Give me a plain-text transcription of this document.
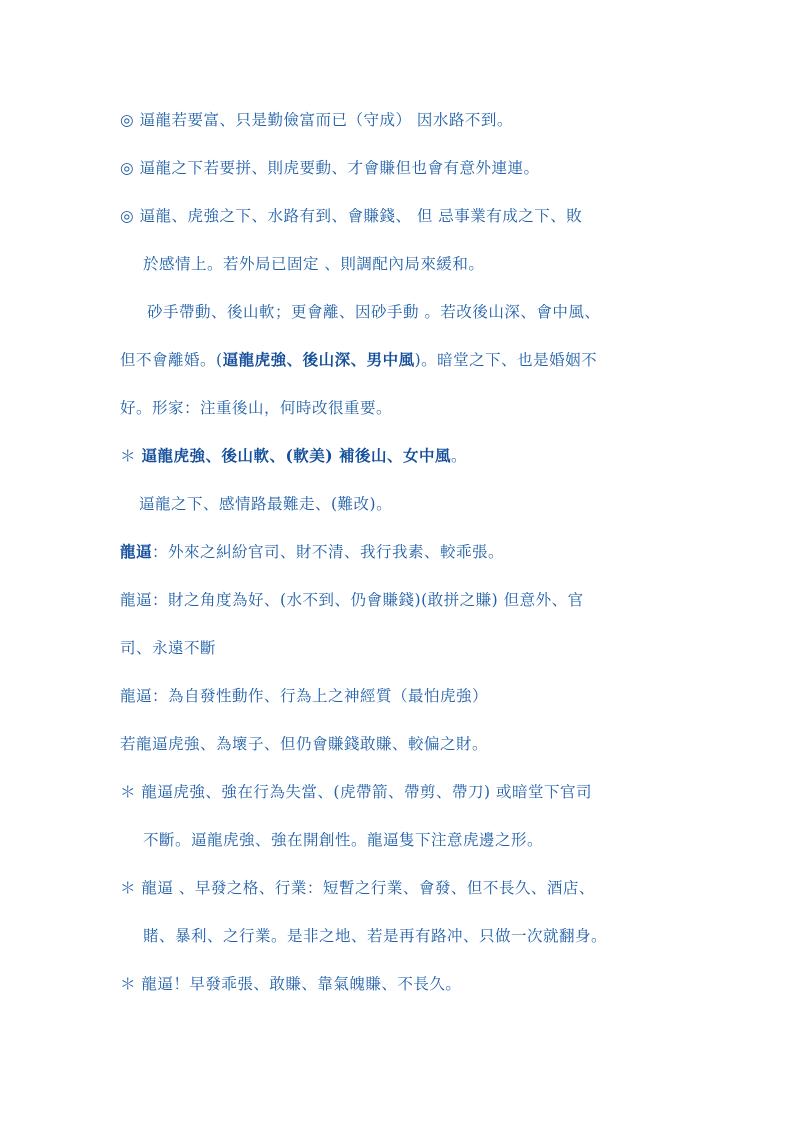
◎ 逼龍若要富、只是勤儉富而已（守成） 因水路不到。
◎ 逼龍之下若要拼、則虎要動、才會賺但也會有意外連連。
◎ 逼龍、虎強之下、水路有到、會賺錢、 但 忌事業有成之下、敗
於感情上。若外局已固定 、則調配內局來緩和。
砂手帶動、後山軟；更會離、因砂手動 。若改後山深、會中風、
但不會離婚。(逼龍虎強、後山深、男中風)。暗堂之下、也是婚姻不
好。形家：注重後山，何時改很重要。
＊ 逼龍虎強、後山軟、(軟美) 補後山、女中風。
逼龍之下、感情路最難走、(難改)。
龍逼：外來之糾紛官司、財不清、我行我素、較乖張。
龍逼：財之角度為好、(水不到、仍會賺錢)(敢拼之賺) 但意外、官
司、永遠不斷
龍逼：為自發性動作、行為上之神經質（最怕虎強）
若龍逼虎強、為壞子、但仍會賺錢敢賺、較偏之財。
＊ 龍逼虎強、強在行為失當、(虎帶箭、帶剪、帶刀) 或暗堂下官司
不斷。逼龍虎強、強在開創性。龍逼隻下注意虎邊之形。
＊ 龍逼 、早發之格、行業：短暫之行業、會發、但不長久、酒店、
賭、暴利、之行業。是非之地、若是再有路冲、只做一次就翻身。
＊ 龍逼！早發乖張、敢賺、靠氣魄賺、不長久。
